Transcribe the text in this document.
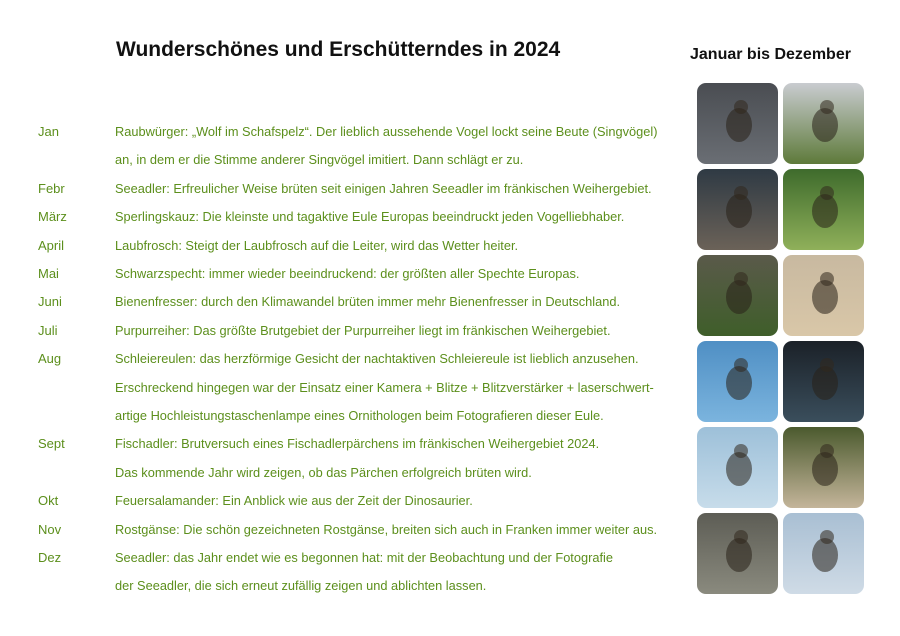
Wunderschönes und Erschütterndes in 2024	Januar bis Dezember
Jan	Raubwürger: „Wolf im Schafspelz“. Der lieblich aussehende Vogel lockt seine Beute (Singvögel)
an, in dem er die Stimme anderer Singvögel imitiert. Dann schlägt er zu.
Febr	Seeadler: Erfreulicher Weise brüten seit einigen Jahren Seeadler im fränkischen Weihergebiet.
März	Sperlingskauz: Die kleinste und tagaktive Eule Europas beeindruckt jeden Vogelliebhaber.
April	Laubfrosch: Steigt der Laubfrosch auf die Leiter, wird das Wetter heiter.
Mai	Schwarzspecht: immer wieder beeindruckend: der größten aller Spechte Europas.
Juni	Bienenfresser: durch den Klimawandel brüten immer mehr Bienenfresser in Deutschland.
Juli	Purpurreiher: Das größte Brutgebiet der Purpurreiher liegt im fränkischen Weihergebiet.
Aug	Schleiereulen: das herzförmige Gesicht der nachtaktiven Schleiereule ist lieblich anzusehen.
Erschreckend hingegen war der Einsatz einer Kamera + Blitze + Blitzverstärker + laserschwert-
artige Hochleistungstaschenlampe eines Ornithologen beim Fotografieren dieser Eule.
Sept	Fischadler: Brutversuch eines Fischadlerpärchens im fränkischen Weihergebiet 2024.
Das kommende Jahr wird zeigen, ob das Pärchen erfolgreich brüten wird.
Okt	Feuersalamander: Ein Anblick wie aus der Zeit der Dinosaurier.
Nov	Rostgänse: Die schön gezeichneten Rostgänse, breiten sich auch in Franken immer weiter aus.
Dez	Seeadler: das Jahr endet wie es begonnen hat: mit der Beobachtung und der Fotografie
der Seeadler, die sich erneut zufällig zeigen und ablichten lassen.
